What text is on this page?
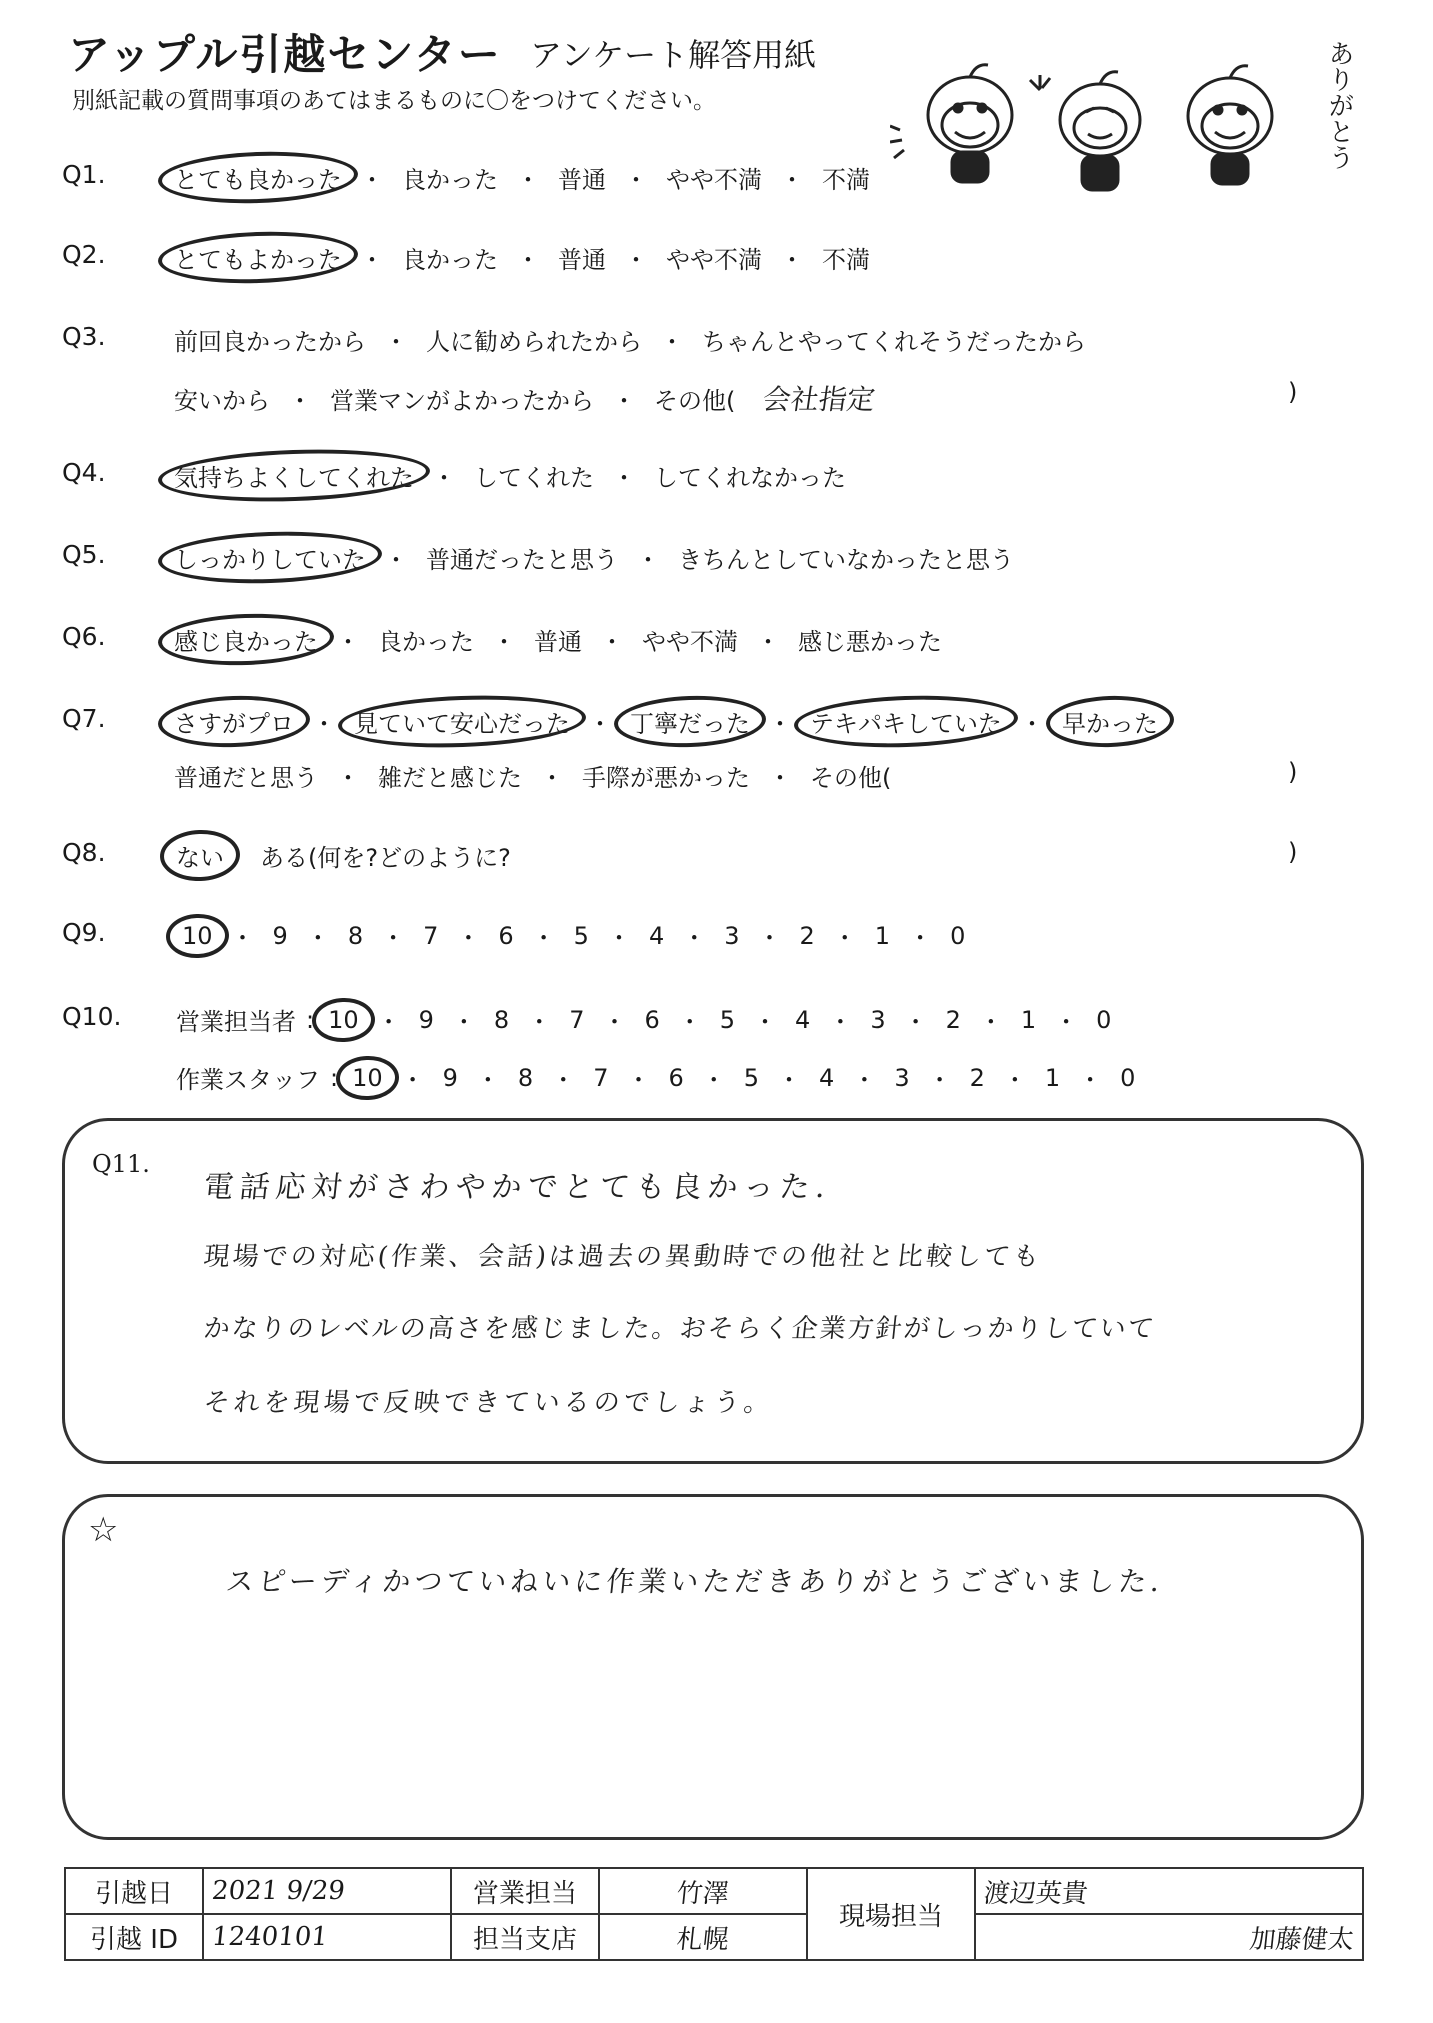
アップル引越センター アンケート解答用紙
別紙記載の質問事項のあてはまるものに〇をつけてください。	ありがとう
Q1.	とても良かった ・ 良かった ・ 普通 ・ やや不満 ・ 不満
Q2.	とてもよかった ・ 良かった ・ 普通 ・ やや不満 ・ 不満
Q3.	前回良かったから ・ 人に勧められたから ・ ちゃんとやってくれそうだったから
安いから ・ 営業マンがよかったから ・ その他( 会社指定	)
Q4.	気持ちよくしてくれた ・ してくれた ・ してくれなかった
Q5.	しっかりしていた ・ 普通だったと思う ・ きちんとしていなかったと思う
Q6.	感じ良かった ・ 良かった ・ 普通 ・ やや不満 ・ 感じ悪かった
Q7.	さすがプロ ・ 見ていて安心だった ・ 丁寧だった ・ テキパキしていた ・ 早かった
普通だと思う ・ 雑だと感じた ・ 手際が悪かった ・ その他(	)
Q8.	ない ある(何を?どのように?	)
Q9.	10 ・ 9 ・ 8 ・ 7 ・ 6 ・ 5 ・ 4 ・ 3 ・ 2 ・ 1 ・ 0
Q10. 営業担当者 : 10 ・ 9 ・ 8 ・ 7 ・ 6 ・ 5 ・ 4 ・ 3 ・ 2 ・ 1 ・ 0
作業スタッフ : 10 ・ 9 ・ 8 ・ 7 ・ 6 ・ 5 ・ 4 ・ 3 ・ 2 ・ 1 ・ 0
Q11.
電話応対がさわやかでとても良かった.
現場での対応(作業、会話)は過去の異動時での他社と比較しても
かなりのレベルの高さを感じました。おそらく企業方針がしっかりしていて
それを現場で反映できているのでしょう。
☆
スピーディかつていねいに作業いただきありがとうございました.
引越日	2021 9/29	営業担当	竹澤	現場担当	渡辺英貴
引越 ID	1240101	担当支店	札幌		加藤健太
